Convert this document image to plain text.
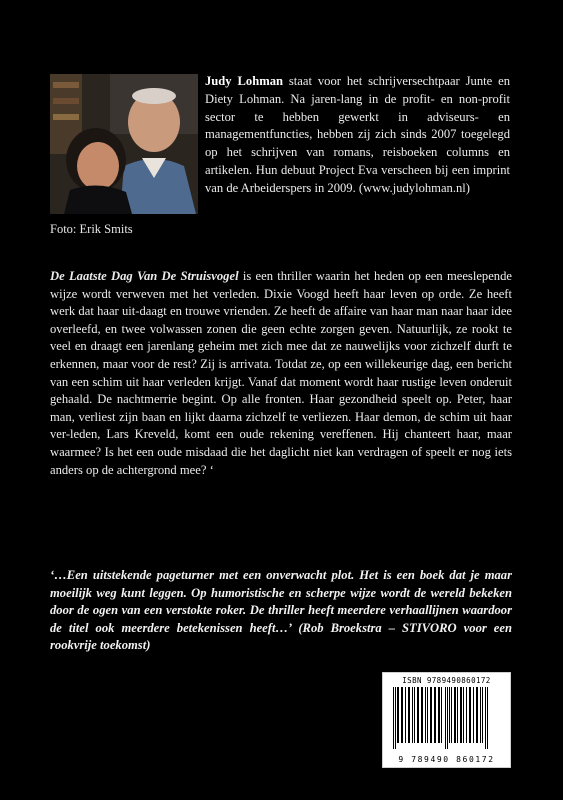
Foto: Erik Smits
Judy Lohman staat voor het schrijversechtpaar Junte en Diety Lohman. Na jaren-lang in de profit- en non-profit sector te hebben gewerkt in adviseurs- en managementfuncties, hebben zij zich sinds 2007 toegelegd op het schrijven van romans, reisboeken columns en artikelen. Hun debuut Project Eva verscheen bij een imprint van de Arbeiderspers in 2009. (www.judylohman.nl)
De Laatste Dag Van De Struisvogel is een thriller waarin het heden op een meeslepende wijze wordt verweven met het verleden. Dixie Voogd heeft haar leven op orde. Ze heeft werk dat haar uit-daagt en trouwe vrienden. Ze heeft de affaire van haar man naar haar idee overleefd, en twee volwassen zonen die geen echte zorgen geven. Natuurlijk, ze rookt te veel en draagt een jarenlang geheim met zich mee dat ze nauwelijks voor zichzelf durft te erkennen, maar voor de rest? Zij is arrivata. Totdat ze, op een willekeurige dag, een bericht van een schim uit haar verleden krijgt. Vanaf dat moment wordt haar rustige leven onderuit gehaald. De nachtmerrie begint. Op alle fronten. Haar gezondheid speelt op. Peter, haar man, verliest zijn baan en lijkt daarna zichzelf te verliezen. Haar demon, de schim uit haar ver-leden, Lars Kreveld, komt een oude rekening vereffenen. Hij chanteert haar, maar waarmee? Is het een oude misdaad die het daglicht niet kan verdragen of speelt er nog iets anders op de achtergrond mee? ‘
‘…Een uitstekende pageturner met een onverwacht plot. Het is een boek dat je maar moeilijk weg kunt leggen. Op humoristische en scherpe wijze wordt de wereld bekeken door de ogen van een verstokte roker. De thriller heeft meerdere verhaallijnen waardoor de titel ook meerdere betekenissen heeft…’ (Rob Broekstra – STIVORO voor een rookvrije toekomst)
ISBN 9789490860172
9 789490 860172
